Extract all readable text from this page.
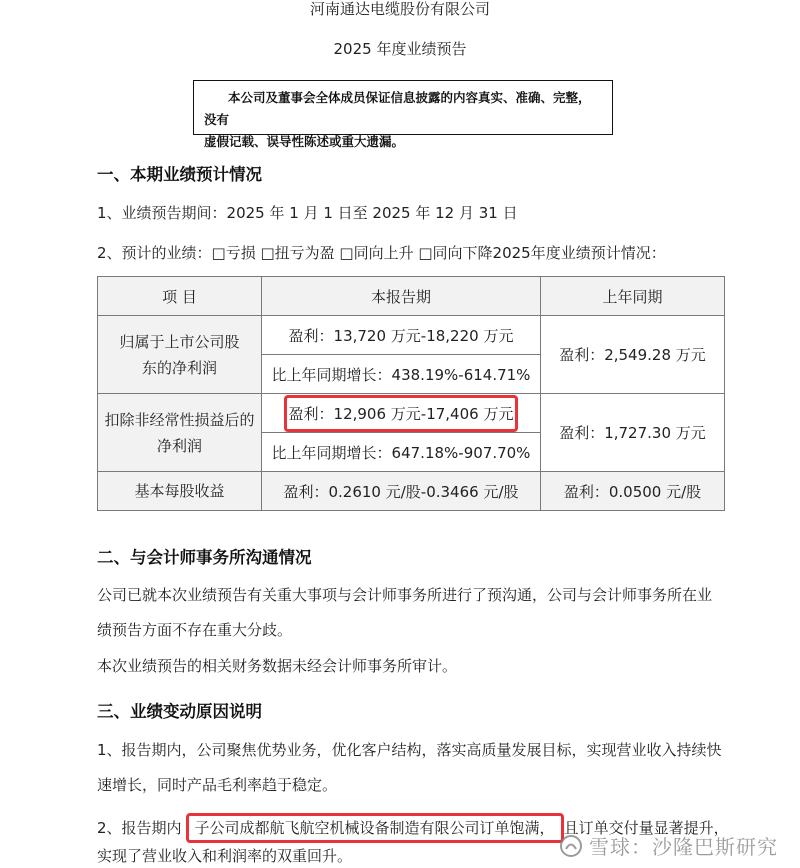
河南通达电缆股份有限公司
2025 年度业绩预告

本公司及董事会全体成员保证信息披露的内容真实、准确、完整，没有

虚假记载、误导性陈述或重大遗漏。

一、本期业绩预计情况
1、业绩预告期间：2025 年 1 月 1 日至 2025 年 12 月 31 日
2、预计的业绩：□亏损 □扭亏为盈 □同向上升 □同向下降2025年度业绩预计情况：
项 目	本报告期	上年同期

归属于上市公司股东的净利润	盈利：13,720 万元-18,220 万元	盈利：2,549.28 万元
	比上年同期增长：438.19%-614.71%	

扣除非经常性损益后的净利润	盈利：12,906 万元-17,406 万元	盈利：1,727.30 万元
	比上年同期增长：647.18%-907.70%	
基本每股收益	盈利：0.2610 元/股-0.3466 元/股	盈利：0.0500 元/股
二、与会计师事务所沟通情况
公司已就本次业绩预告有关重大事项与会计师事务所进行了预沟通，公司与会计师事务所在业绩预告方面不存在重大分歧。
本次业绩预告的相关财务数据未经会计师事务所审计。
三、业绩变动原因说明
1、报告期内，公司聚焦优势业务，优化客户结构，落实高质量发展目标，实现营业收入持续快速增长，同时产品毛利率趋于稳定。
2、报告期内 子公司成都航飞航空机械设备制造有限公司订单饱满， 且订单交付量显著提升，
实现了营业收入和利润率的双重回升。	雪球：沙隆巴斯研究
